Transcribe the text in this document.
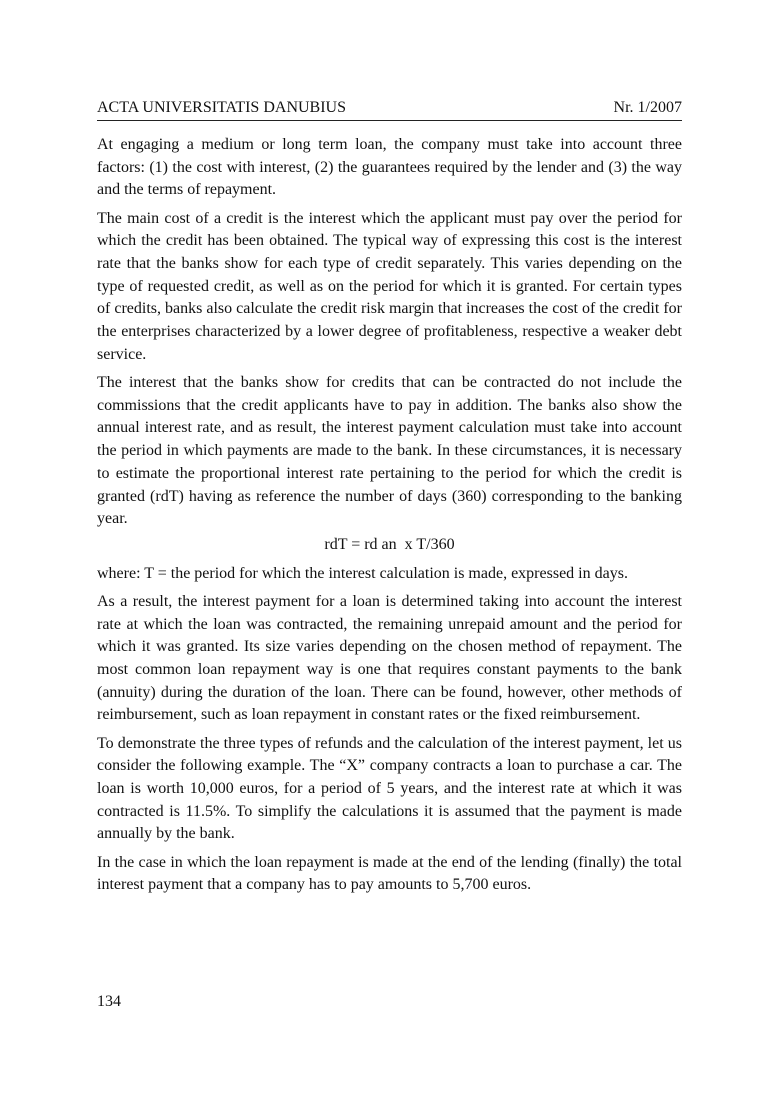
ACTA UNIVERSITATIS DANUBIUS	Nr. 1/2007

At engaging a medium or long term loan, the company must take into account three factors: (1) the cost with interest, (2) the guarantees required by the lender and (3) the way and the terms of repayment.

The main cost of a credit is the interest which the applicant must pay over the period for which the credit has been obtained. The typical way of expressing this cost is the interest rate that the banks show for each type of credit separately. This varies depending on the type of requested credit, as well as on the period for which it is granted. For certain types of credits, banks also calculate the credit risk margin that increases the cost of the credit for the enterprises characterized by a lower degree of profitableness, respective a weaker debt service.

The interest that the banks show for credits that can be contracted do not include the commissions that the credit applicants have to pay in addition. The banks also show the annual interest rate, and as result, the interest payment calculation must take into account the period in which payments are made to the bank. In these circumstances, it is necessary to estimate the proportional interest rate pertaining to the period for which the credit is granted (rdT) having as reference the number of days (360) corresponding to the banking year.

rdT = rd an  x T/360

where: T = the period for which the interest calculation is made, expressed in days.

As a result, the interest payment for a loan is determined taking into account the interest rate at which the loan was contracted, the remaining unrepaid amount and the period for which it was granted. Its size varies depending on the chosen method of repayment. The most common loan repayment way is one that requires constant payments to the bank (annuity) during the duration of the loan. There can be found, however, other methods of reimbursement, such as loan repayment in constant rates or the fixed reimbursement.

To demonstrate the three types of refunds and the calculation of the interest payment, let us consider the following example. The “X” company contracts a loan to purchase a car. The loan is worth 10,000 euros, for a period of 5 years, and the interest rate at which it was contracted is 11.5%. To simplify the calculations it is assumed that the payment is made annually by the bank.

In the case in which the loan repayment is made at the end of the lending (finally) the total interest payment that a company has to pay amounts to 5,700 euros.

134
